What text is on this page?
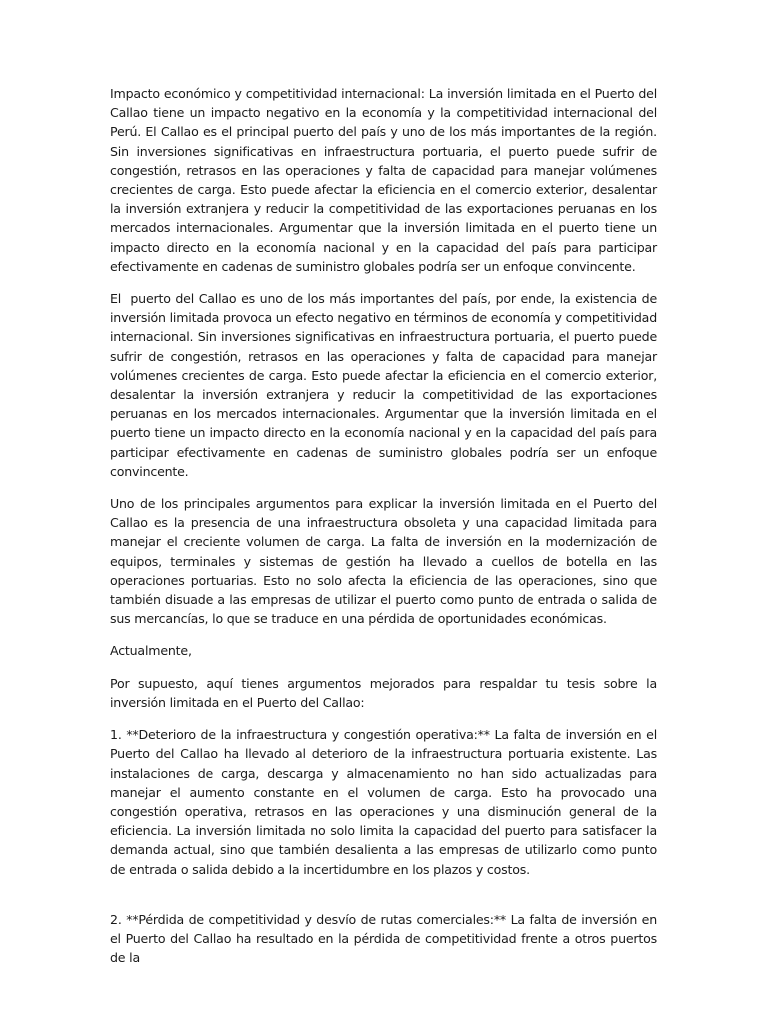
Impacto económico y competitividad internacional: La inversión limitada en el Puerto del Callao tiene un impacto negativo en la economía y la competitividad internacional del Perú. El Callao es el principal puerto del país y uno de los más importantes de la región. Sin inversiones significativas en infraestructura portuaria, el puerto puede sufrir de congestión, retrasos en las operaciones y falta de capacidad para manejar volúmenes crecientes de carga. Esto puede afectar la eficiencia en el comercio exterior, desalentar la inversión extranjera y reducir la competitividad de las exportaciones peruanas en los mercados internacionales. Argumentar que la inversión limitada en el puerto tiene un impacto directo en la economía nacional y en la capacidad del país para participar efectivamente en cadenas de suministro globales podría ser un enfoque convincente.

El  puerto del Callao es uno de los más importantes del país, por ende, la existencia de inversión limitada provoca un efecto negativo en términos de economía y competitividad internacional. Sin inversiones significativas en infraestructura portuaria, el puerto puede sufrir de congestión, retrasos en las operaciones y falta de capacidad para manejar volúmenes crecientes de carga. Esto puede afectar la eficiencia en el comercio exterior, desalentar la inversión extranjera y reducir la competitividad de las exportaciones peruanas en los mercados internacionales. Argumentar que la inversión limitada en el puerto tiene un impacto directo en la economía nacional y en la capacidad del país para participar efectivamente en cadenas de suministro globales podría ser un enfoque convincente.

Uno de los principales argumentos para explicar la inversión limitada en el Puerto del Callao es la presencia de una infraestructura obsoleta y una capacidad limitada para manejar el creciente volumen de carga. La falta de inversión en la modernización de equipos, terminales y sistemas de gestión ha llevado a cuellos de botella en las operaciones portuarias. Esto no solo afecta la eficiencia de las operaciones, sino que también disuade a las empresas de utilizar el puerto como punto de entrada o salida de sus mercancías, lo que se traduce en una pérdida de oportunidades económicas.

Actualmente,

Por supuesto, aquí tienes argumentos mejorados para respaldar tu tesis sobre la inversión limitada en el Puerto del Callao:

1. **Deterioro de la infraestructura y congestión operativa:** La falta de inversión en el Puerto del Callao ha llevado al deterioro de la infraestructura portuaria existente. Las instalaciones de carga, descarga y almacenamiento no han sido actualizadas para manejar el aumento constante en el volumen de carga. Esto ha provocado una congestión operativa, retrasos en las operaciones y una disminución general de la eficiencia. La inversión limitada no solo limita la capacidad del puerto para satisfacer la demanda actual, sino que también desalienta a las empresas de utilizarlo como punto de entrada o salida debido a la incertidumbre en los plazos y costos.

2. **Pérdida de competitividad y desvío de rutas comerciales:** La falta de inversión en el Puerto del Callao ha resultado en la pérdida de competitividad frente a otros puertos de la
